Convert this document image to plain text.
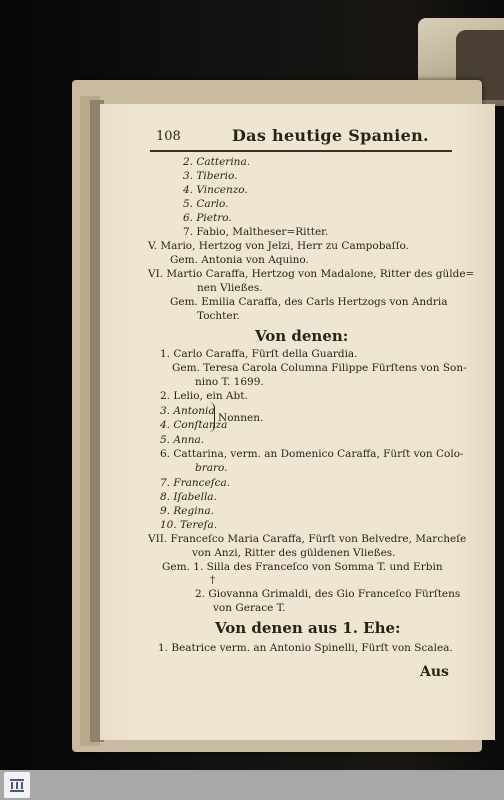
108	Das heutige Spanien.
2. Catterina.
3. Tiberio.
4. Vincenzo.
5. Carlo.
6. Pietro.
7. Fabio, Maltheser=Ritter.
V. Mario, Hertzog von Jelzi, Herr zu Campobaſſo.
Gem. Antonia von Aquino.
VI. Martio Caraffa, Hertzog von Madalone, Ritter des gülde=
nen Vließes.
Gem. Emilia Caraffa, des Carls Hertzogs von Andria
Tochter.
Von denen:
1. Carlo Caraffa, Fürſt della Guardia.
Gem. Teresa Carola Columna Filippe Fürſtens von Son-
nino T. 1699.
2. Lelio, ein Abt.
3. Antonia
4. Conſtanza
Nonnen.
5. Anna.
6. Cattarina, verm. an Domenico Caraffa, Fürſt von Colo-
braro.
7. Franceſca.
8. Iſabella.
9. Regina.
10. Tereſa.
VII. Franceſco Maria Caraffa, Fürſt von Belvedre, Marcheſe
von Anzi, Ritter des güldenen Vließes.
Gem. 1. Silla des Franceſco von Somma T. und Erbin
†
2. Giovanna Grimaldi, des Gio Franceſco Fürſtens
von Gerace T.
Von denen aus 1. Ehe:
1. Beatrice verm. an Antonio Spinelli, Fürſt von Scalea.
Aus
